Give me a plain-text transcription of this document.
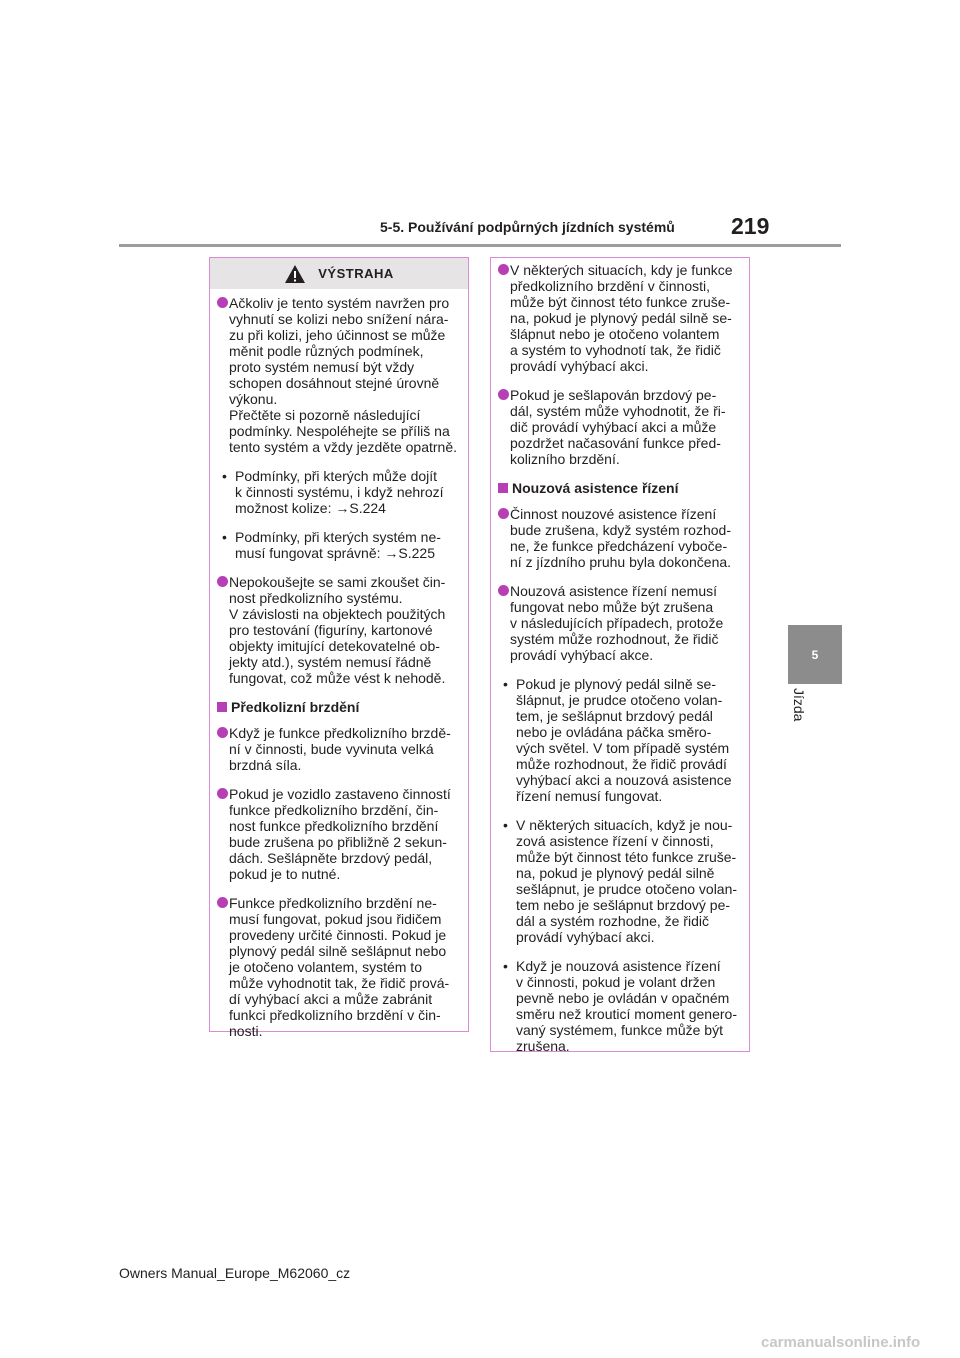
5-5. Používání podpůrných jízdních systémů 219
5
Jízda
VÝSTRAHA
Ačkoliv je tento systém navržen pro
vyhnutí se kolizi nebo snížení nára-
zu při kolizi, jeho účinnost se může
měnit podle různých podmínek,
proto systém nemusí být vždy
schopen dosáhnout stejné úrovně
výkonu.
Přečtěte si pozorně následující
podmínky. Nespoléhejte se příliš na
tento systém a vždy jezděte opatrně.
• Podmínky, při kterých může dojít
k činnosti systému, i když nehrozí
možnost kolize: →S.224
• Podmínky, při kterých systém ne-
musí fungovat správně: →S.225
Nepokoušejte se sami zkoušet čin-
nost předkolizního systému.
V závislosti na objektech použitých
pro testování (figuríny, kartonové
objekty imitující detekovatelné ob-
jekty atd.), systém nemusí řádně
fungovat, což může vést k nehodě.
Předkolizní brzdění
Když je funkce předkolizního brzdě-
ní v činnosti, bude vyvinuta velká
brzdná síla.
Pokud je vozidlo zastaveno činností
funkce předkolizního brzdění, čin-
nost funkce předkolizního brzdění
bude zrušena po přibližně 2 sekun-
dách. Sešlápněte brzdový pedál,
pokud je to nutné.
Funkce předkolizního brzdění ne-
musí fungovat, pokud jsou řidičem
provedeny určité činnosti. Pokud je
plynový pedál silně sešlápnut nebo
je otočeno volantem, systém to
může vyhodnotit tak, že řidič prová-
dí vyhýbací akci a může zabránit
funkci předkolizního brzdění v čin-
nosti.
V některých situacích, kdy je funkce
předkolizního brzdění v činnosti,
může být činnost této funkce zruše-
na, pokud je plynový pedál silně se-
šlápnut nebo je otočeno volantem
a systém to vyhodnotí tak, že řidič
provádí vyhýbací akci.
Pokud je sešlapován brzdový pe-
dál, systém může vyhodnotit, že ři-
dič provádí vyhýbací akci a může
pozdržet načasování funkce před-
kolizního brzdění.
Nouzová asistence řízení
Činnost nouzové asistence řízení
bude zrušena, když systém rozhod-
ne, že funkce předcházení vyboče-
ní z jízdního pruhu byla dokončena.
Nouzová asistence řízení nemusí
fungovat nebo může být zrušena
v následujících případech, protože
systém může rozhodnout, že řidič
provádí vyhýbací akce.
• Pokud je plynový pedál silně se-
šlápnut, je prudce otočeno volan-
tem, je sešlápnut brzdový pedál
nebo je ovládána páčka směro-
vých světel. V tom případě systém
může rozhodnout, že řidič provádí
vyhýbací akci a nouzová asistence
řízení nemusí fungovat.
• V některých situacích, když je nou-
zová asistence řízení v činnosti,
může být činnost této funkce zruše-
na, pokud je plynový pedál silně
sešlápnut, je prudce otočeno volan-
tem nebo je sešlápnut brzdový pe-
dál a systém rozhodne, že řidič
provádí vyhýbací akci.
• Když je nouzová asistence řízení
v činnosti, pokud je volant držen
pevně nebo je ovládán v opačném
směru než krouticí moment genero-
vaný systémem, funkce může být
zrušena.
Owners Manual_Europe_M62060_cz
carmanualsonline.info
